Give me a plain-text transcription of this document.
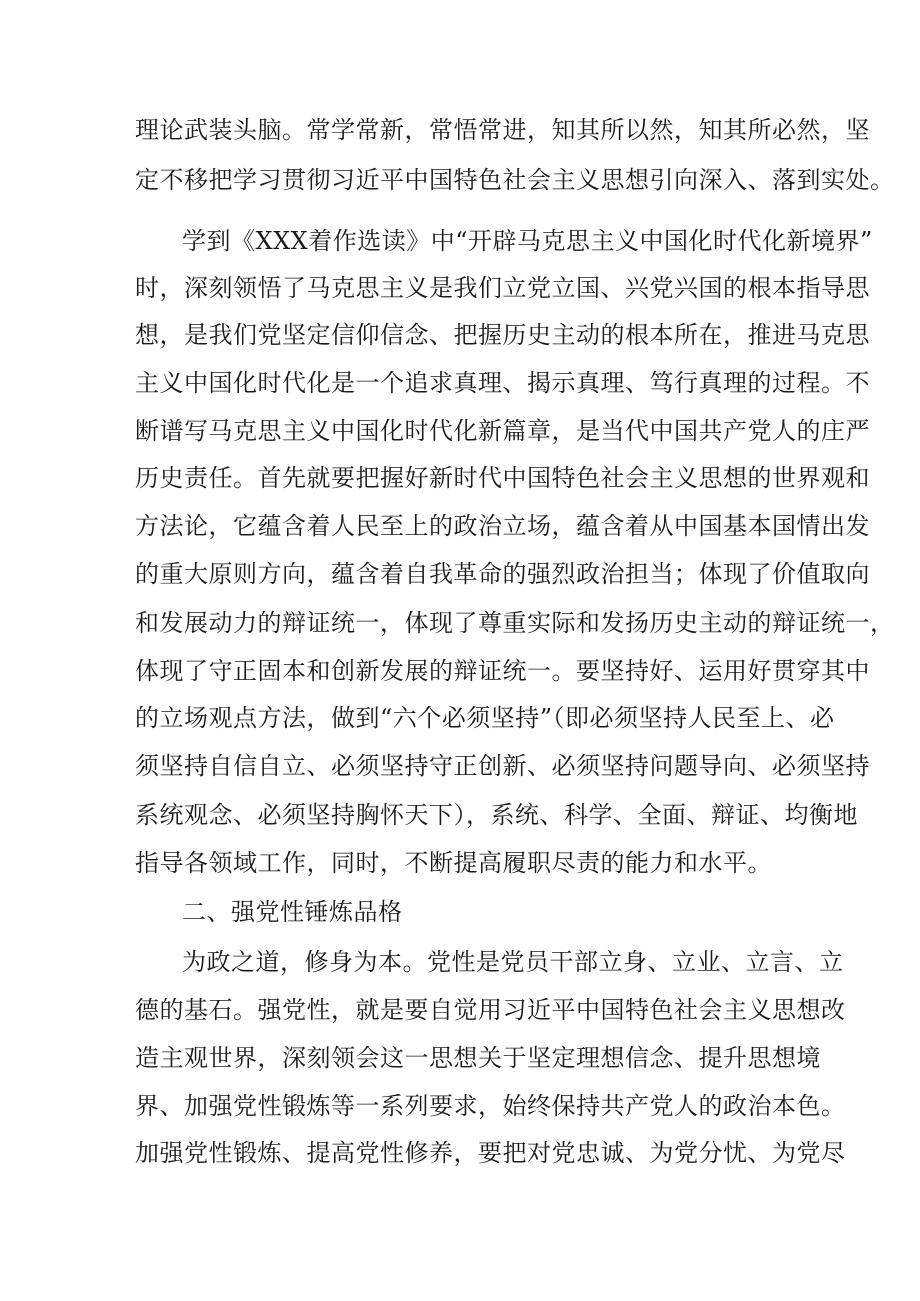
理论武装头脑。常学常新，常悟常进，知其所以然，知其所必然，坚
定不移把学习贯彻习近平中国特色社会主义思想引向深入、落到实处。
学到《XXX着作选读》中“开辟马克思主义中国化时代化新境界”
时，深刻领悟了马克思主义是我们立党立国、兴党兴国的根本指导思
想，是我们党坚定信仰信念、把握历史主动的根本所在，推进马克思
主义中国化时代化是一个追求真理、揭示真理、笃行真理的过程。不
断谱写马克思主义中国化时代化新篇章，是当代中国共产党人的庄严
历史责任。首先就要把握好新时代中国特色社会主义思想的世界观和
方法论，它蕴含着人民至上的政治立场，蕴含着从中国基本国情出发
的重大原则方向，蕴含着自我革命的强烈政治担当；体现了价值取向
和发展动力的辩证统一，体现了尊重实际和发扬历史主动的辩证统一，
体现了守正固本和创新发展的辩证统一。要坚持好、运用好贯穿其中
的立场观点方法，做到“六个必须坚持”（即必须坚持人民至上、必
须坚持自信自立、必须坚持守正创新、必须坚持问题导向、必须坚持
系统观念、必须坚持胸怀天下），系统、科学、全面、辩证、均衡地
指导各领域工作，同时，不断提高履职尽责的能力和水平。
二、强党性锤炼品格
为政之道，修身为本。党性是党员干部立身、立业、立言、立
德的基石。强党性，就是要自觉用习近平中国特色社会主义思想改
造主观世界，深刻领会这一思想关于坚定理想信念、提升思想境
界、加强党性锻炼等一系列要求，始终保持共产党人的政治本色。
加强党性锻炼、提高党性修养，要把对党忠诚、为党分忧、为党尽
